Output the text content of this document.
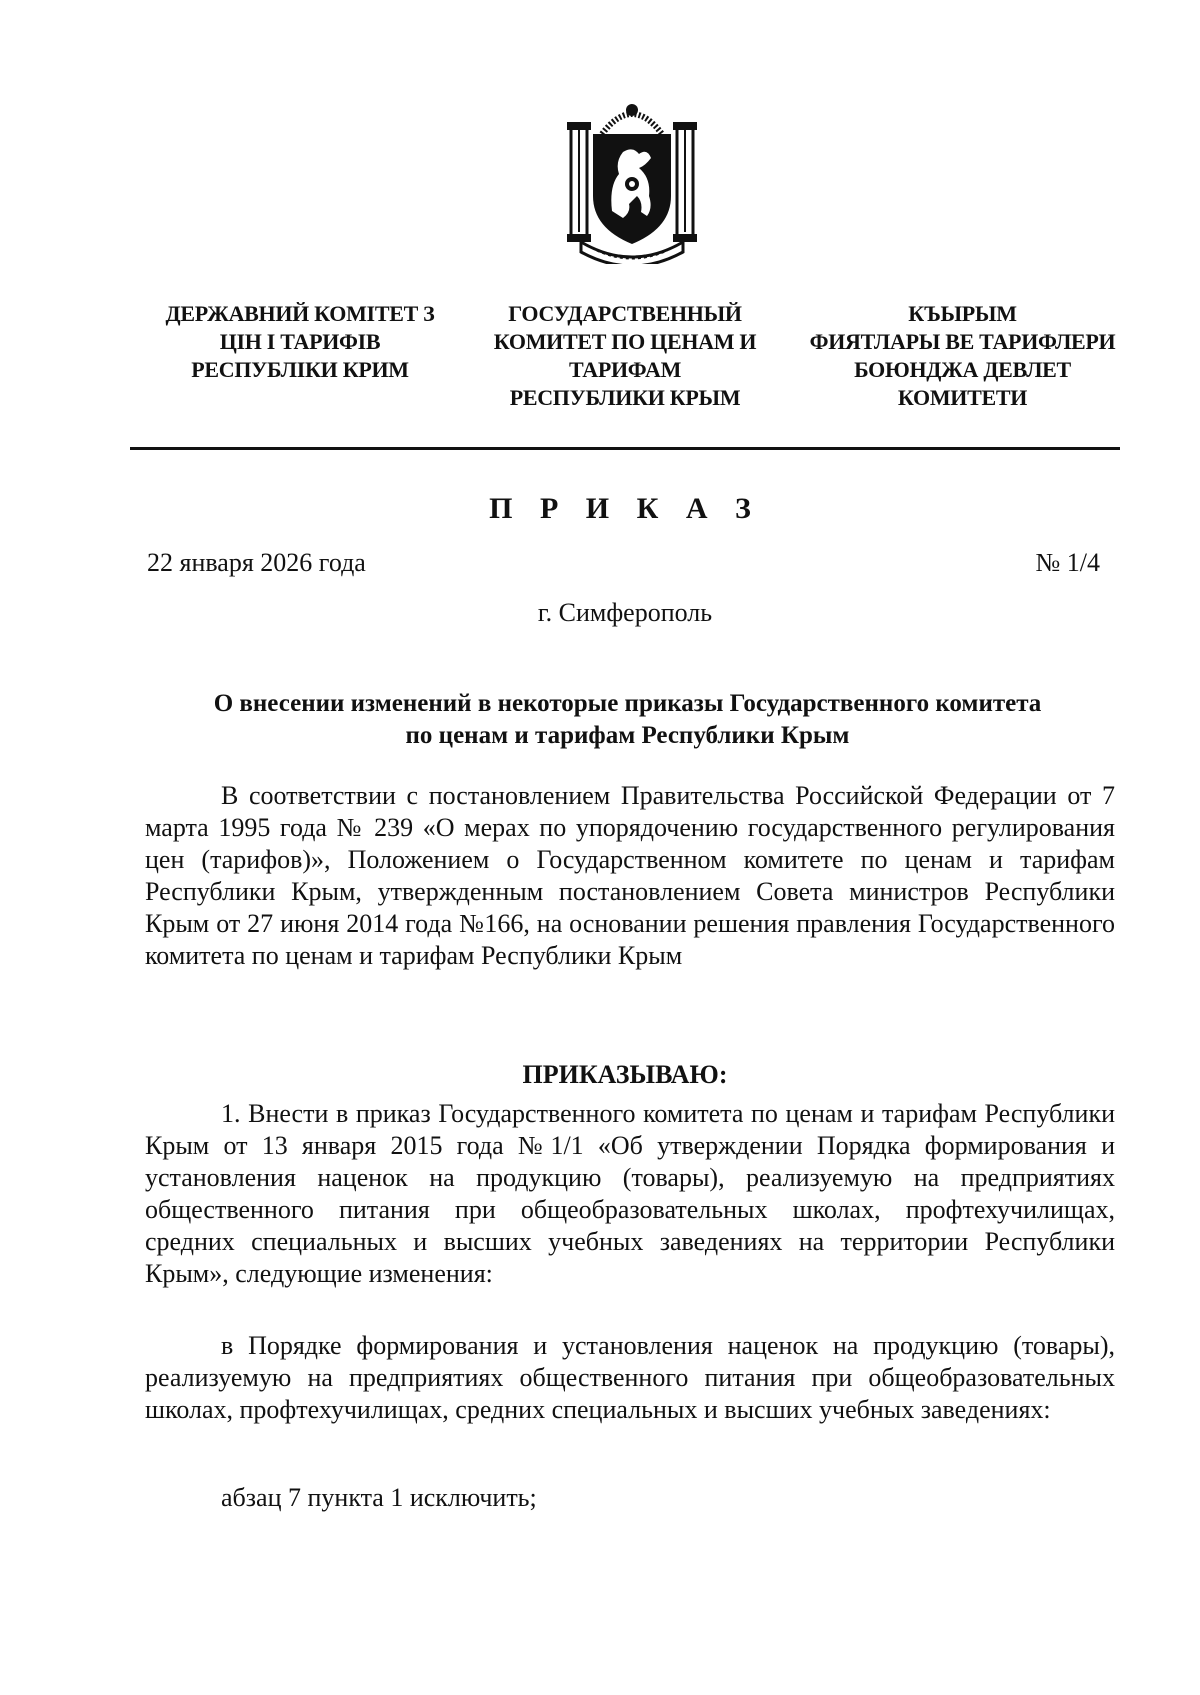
ДЕРЖАВНИЙ КОМІТЕТ З
ЦІН І ТАРИФІВ
РЕСПУБЛІКИ КРИМ
ГОСУДАРСТВЕННЫЙ
КОМИТЕТ ПО ЦЕНАМ И
ТАРИФАМ
РЕСПУБЛИКИ КРЫМ
КЪЫРЫМ
ФИЯТЛАРЫ ВЕ ТАРИФЛЕРИ
БОЮНДЖА ДЕВЛЕТ
КОМИТЕТИ
П Р И К А З
22 января 2026 года	№ 1/4
г. Симферополь
О внесении изменений в некоторые приказы Государственного комитета
по ценам и тарифам Республики Крым
В соответствии с постановлением Правительства Российской Федерации от 7 марта 1995 года № 239 «О мерах по упорядочению государственного регулирования цен (тарифов)», Положением о Государственном комитете по ценам и тарифам Республики Крым, утвержденным постановлением Совета министров Республики Крым от 27 июня 2014 года №166, на основании решения правления Государственного комитета по ценам и тарифам Республики Крым
ПРИКАЗЫВАЮ:
1. Внести в приказ Государственного комитета по ценам и тарифам Республики Крым от 13 января 2015 года №1/1 «Об утверждении Порядка формирования и установления наценок на продукцию (товары), реализуемую на предприятиях общественного питания при общеобразовательных школах, профтехучилищах, средних специальных и высших учебных заведениях на территории Республики Крым», следующие изменения:
в Порядке формирования и установления наценок на продукцию (товары), реализуемую на предприятиях общественного питания при общеобразовательных школах, профтехучилищах, средних специальных и высших учебных заведениях:
абзац 7 пункта 1 исключить;
